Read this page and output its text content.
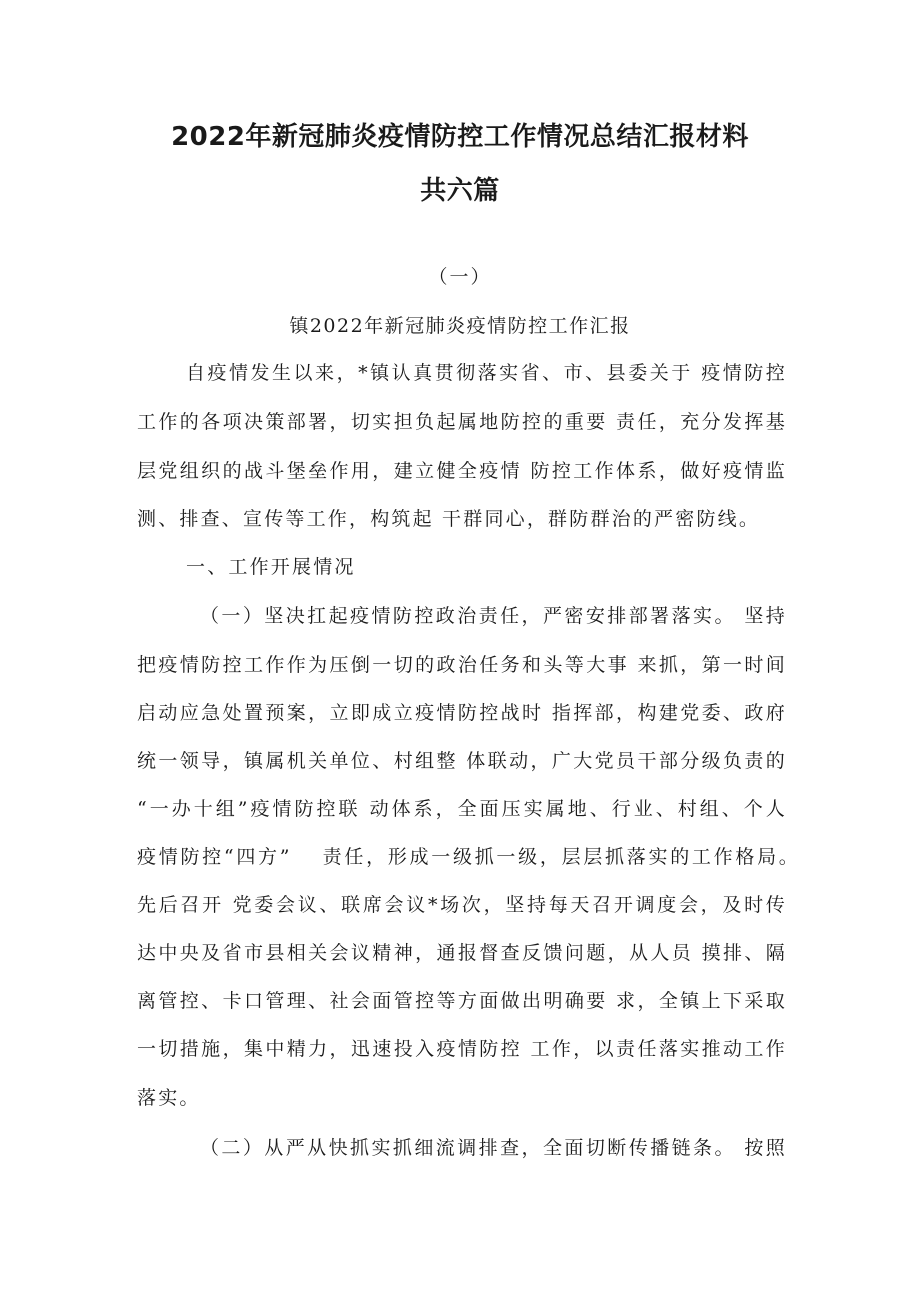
2022年新冠肺炎疫情防控工作情况总结汇报材料
共六篇
（一）
镇2022年新冠肺炎疫情防控工作汇报
自疫情发生以来，*镇认真贯彻落实省、市、县委关于 疫情防控
工作的各项决策部署，切实担负起属地防控的重要 责任，充分发挥基
层党组织的战斗堡垒作用，建立健全疫情 防控工作体系，做好疫情监
测、排查、宣传等工作，构筑起 干群同心，群防群治的严密防线。
一、工作开展情况
（一）坚决扛起疫情防控政治责任，严密安排部署落实。 坚持
把疫情防控工作作为压倒一切的政治任务和头等大事 来抓，第一时间
启动应急处置预案，立即成立疫情防控战时 指挥部，构建党委、政府
统一领导，镇属机关单位、村组整 体联动，广大党员干部分级负责的
“一办十组”疫情防控联 动体系，全面压实属地、行业、村组、个人
疫情防控“四方”　 责任，形成一级抓一级，层层抓落实的工作格局。
先后召开 党委会议、联席会议*场次，坚持每天召开调度会，及时传
达中央及省市县相关会议精神，通报督查反馈问题，从人员 摸排、隔
离管控、卡口管理、社会面管控等方面做出明确要 求，全镇上下采取
一切措施，集中精力，迅速投入疫情防控 工作，以责任落实推动工作
落实。
（二）从严从快抓实抓细流调排查，全面切断传播链条。 按照
